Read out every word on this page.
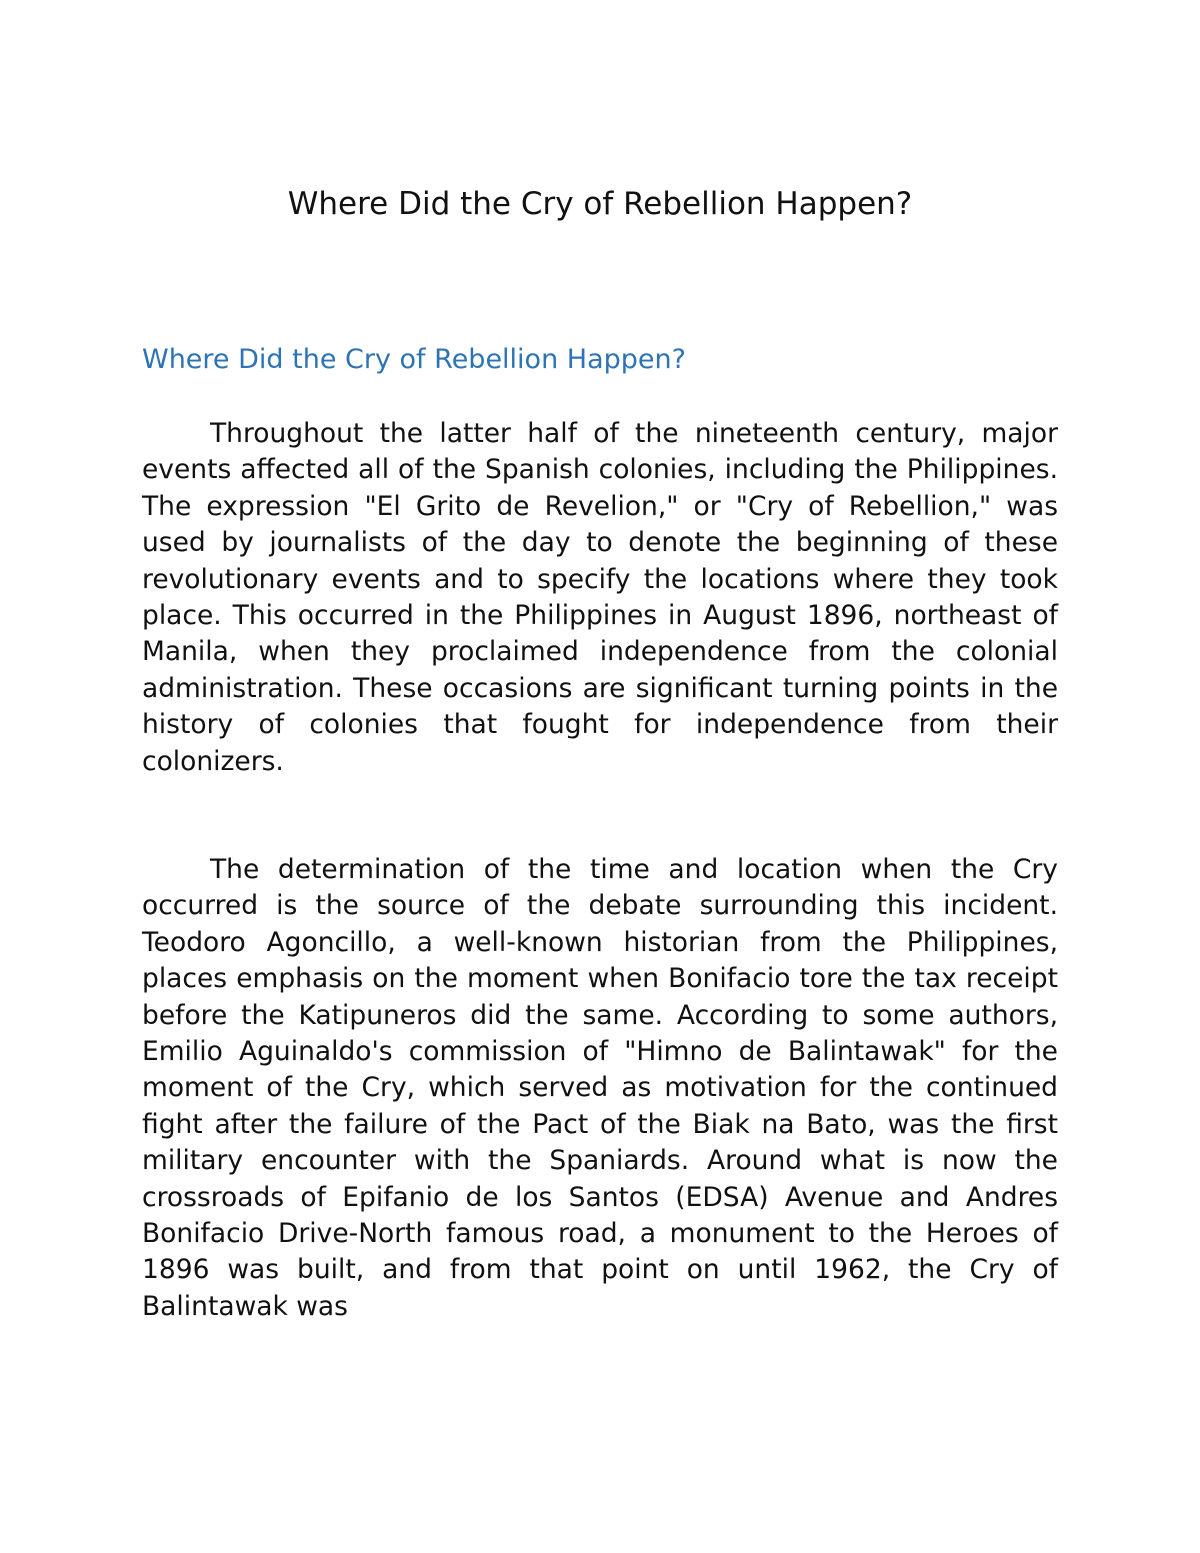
Where Did the Cry of Rebellion Happen?
Where Did the Cry of Rebellion Happen?

Throughout the latter half of the nineteenth century, major events affected all of the Spanish colonies, including the Philippines. The expression "El Grito de Revelion," or "Cry of Rebellion," was used by journalists of the day to denote the beginning of these revolutionary events and to specify the locations where they took place. This occurred in the Philippines in August 1896, northeast of Manila, when they proclaimed independence from the colonial administration. These occasions are significant turning points in the history of colonies that fought for independence from their colonizers.

The determination of the time and location when the Cry occurred is the source of the debate surrounding this incident. Teodoro Agoncillo, a well-known historian from the Philippines, places emphasis on the moment when Bonifacio tore the tax receipt before the Katipuneros did the same. According to some authors, Emilio Aguinaldo's commission of "Himno de Balintawak" for the moment of the Cry, which served as motivation for the continued fight after the failure of the Pact of the Biak na Bato, was the first military encounter with the Spaniards. Around what is now the crossroads of Epifanio de los Santos (EDSA) Avenue and Andres Bonifacio Drive-North famous road, a monument to the Heroes of 1896 was built, and from that point on until 1962, the Cry of Balintawak was
